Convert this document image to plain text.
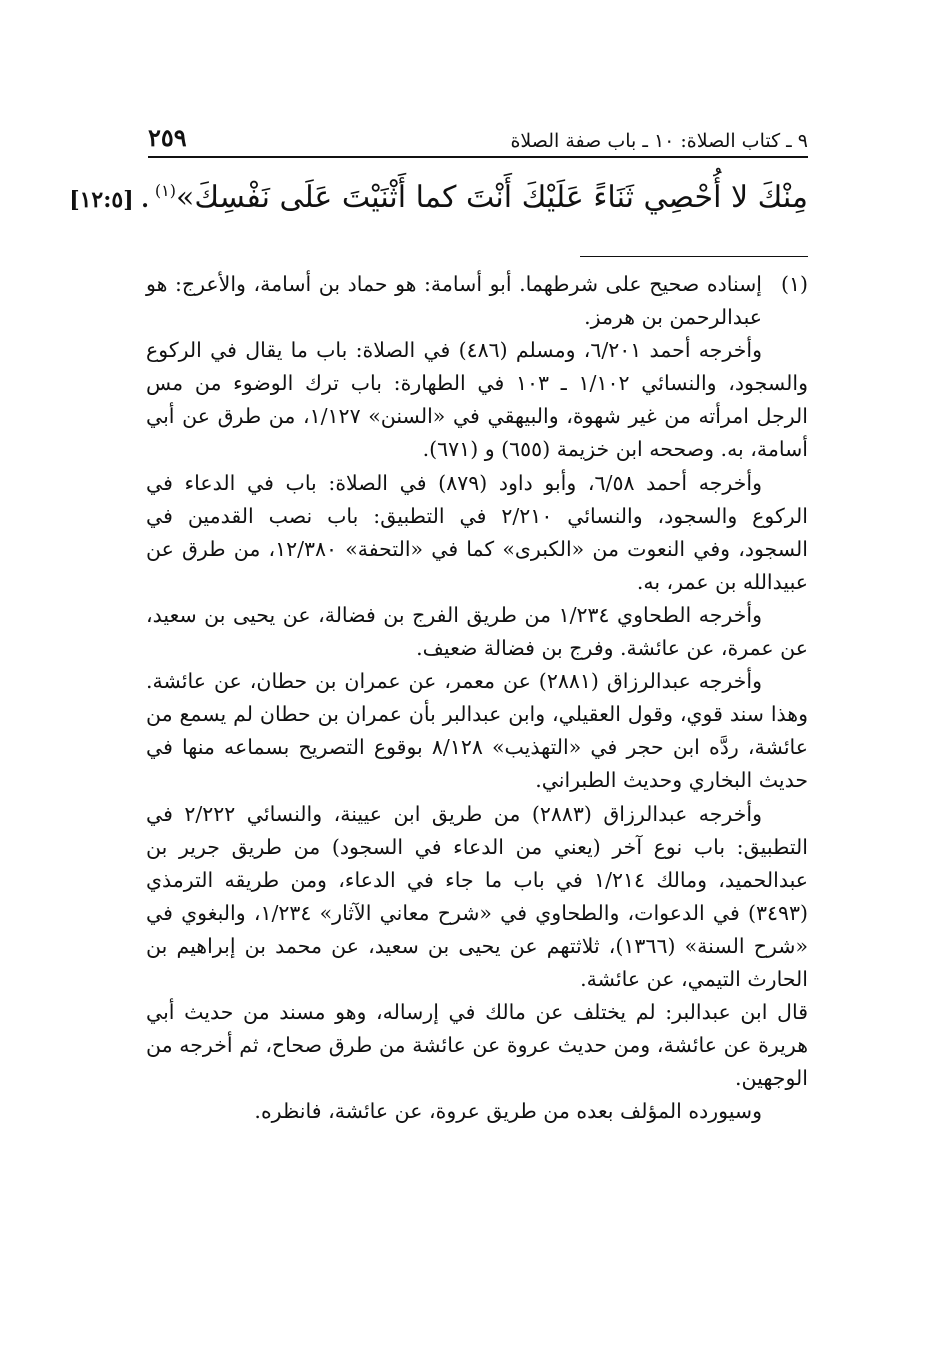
٩ ـ كتاب الصلاة: ١٠ ـ باب صفة الصلاة
٢٥٩
مِنْكَ لا أُحْصِي ثَنَاءً عَلَيْكَ أَنْتَ كما أَثْنَيْتَ عَلَى نَفْسِكَ»$^{(١)}$. [١٢:٥]
(١)

إسناده صحيح على شرطهما. أبو أسامة: هو حماد بن أسامة، والأعرج: هو عبدالرحمن بن هرمز.

وأخرجه أحمد ٦/٢٠١، ومسلم (٤٨٦) في الصلاة: باب ما يقال في الركوع والسجود، والنسائي ١/١٠٢ ـ ١٠٣ في الطهارة: باب ترك الوضوء من مس الرجل امرأته من غير شهوة، والبيهقي في «السنن» ١/١٢٧، من طرق عن أبي أسامة، به. وصححه ابن خزيمة (٦٥٥) و (٦٧١).

وأخرجه أحمد ٦/٥٨، وأبو داود (٨٧٩) في الصلاة: باب في الدعاء في الركوع والسجود، والنسائي ٢/٢١٠ في التطبيق: باب نصب القدمين في السجود، وفي النعوت من «الكبرى» كما في «التحفة» ١٢/٣٨٠، من طرق عن عبيدالله بن عمر، به.

وأخرجه الطحاوي ١/٢٣٤ من طريق الفرج بن فضالة، عن يحيى بن سعيد، عن عمرة، عن عائشة. وفرج بن فضالة ضعيف.

وأخرجه عبدالرزاق (٢٨٨١) عن معمر، عن عمران بن حطان، عن عائشة. وهذا سند قوي، وقول العقيلي، وابن عبدالبر بأن عمران بن حطان لم يسمع من عائشة، ردَّه ابن حجر في «التهذيب» ٨/١٢٨ بوقوع التصريح بسماعه منها في حديث البخاري وحديث الطبراني.

وأخرجه عبدالرزاق (٢٨٨٣) من طريق ابن عيينة، والنسائي ٢/٢٢٢ في التطبيق: باب نوع آخر (يعني من الدعاء في السجود) من طريق جرير بن عبدالحميد، ومالك ١/٢١٤ في باب ما جاء في الدعاء، ومن طريقه الترمذي (٣٤٩٣) في الدعوات، والطحاوي في «شرح معاني الآثار» ١/٢٣٤، والبغوي في «شرح السنة» (١٣٦٦)، ثلاثتهم عن يحيى بن سعيد، عن محمد بن إبراهيم بن الحارث التيمي، عن عائشة.

قال ابن عبدالبر: لم يختلف عن مالك في إرساله، وهو مسند من حديث أبي هريرة عن عائشة، ومن حديث عروة عن عائشة من طرق صحاح، ثم أخرجه من الوجهين.

وسيورده المؤلف بعده من طريق عروة، عن عائشة، فانظره.
